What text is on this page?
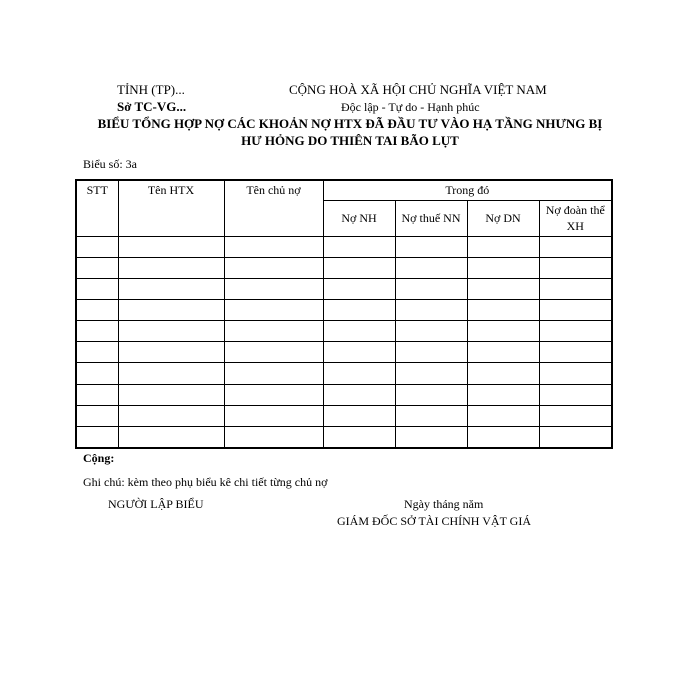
TỈNH (TP)...
Sở TC-VG...
CỘNG HOÀ XÃ HỘI CHỦ NGHĨA VIỆT NAM
Độc lập - Tự do - Hạnh phúc
BIỂU TỔNG HỢP NỢ CÁC KHOẢN NỢ HTX ĐÃ ĐẦU TƯ VÀO HẠ TẦNG NHƯNG BỊ
HƯ HỎNG DO THIÊN TAI BÃO LỤT
Biểu số: 3a
STT	Tên HTX	Tên chủ nợ	Trong đó			
			Nợ NH	Nợ thuế NN	Nợ DN	Nợ đoàn thể XH

Cộng:
Ghi chú: kèm theo phụ biểu kê chi tiết từng chủ nợ
NGƯỜI LẬP BIỂU	Ngày tháng năm
GIÁM ĐỐC SỞ TÀI CHÍNH VẬT GIÁ
